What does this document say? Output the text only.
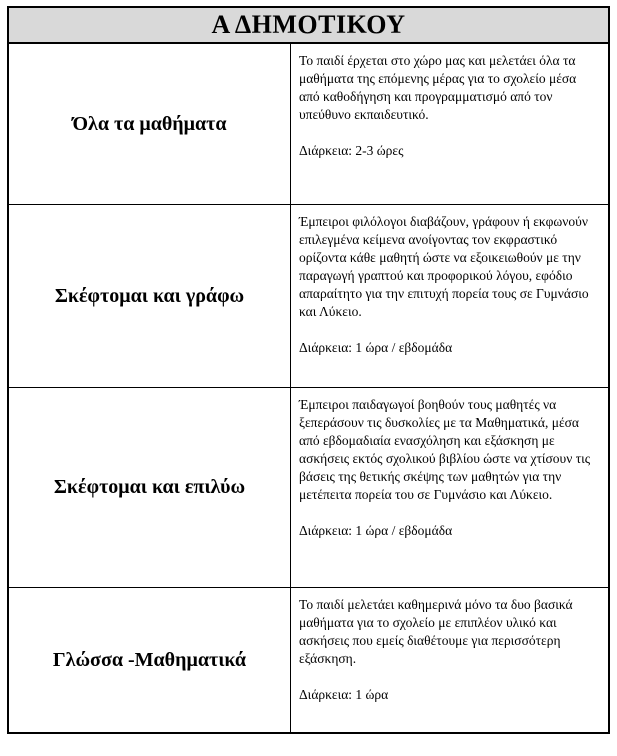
Α ΔΗΜΟΤΙΚΟΥ
Όλα τα μαθήματα

Το παιδί έρχεται στο χώρο μας και μελετάει όλα τα μαθήματα της επόμενης μέρας για το σχολείο μέσα από καθοδήγηση και προγραμματισμό από τον υπεύθυνο εκπαιδευτικό.

Διάρκεια: 2-3 ώρες

Σκέφτομαι και γράφω

Έμπειροι φιλόλογοι διαβάζουν, γράφουν ή εκφωνούν επιλεγμένα κείμενα ανοίγοντας τον εκφραστικό ορίζοντα κάθε μαθητή ώστε να εξοικειωθούν με την παραγωγή γραπτού και προφορικού λόγου, εφόδιο απαραίτητο για την επιτυχή πορεία τους σε Γυμνάσιο και Λύκειο.

Διάρκεια: 1 ώρα / εβδομάδα

Σκέφτομαι και επιλύω

Έμπειροι παιδαγωγοί βοηθούν τους μαθητές να ξεπεράσουν τις δυσκολίες με τα Μαθηματικά, μέσα από εβδομαδιαία ενασχόληση και εξάσκηση με ασκήσεις εκτός σχολικού βιβλίου ώστε να χτίσουν τις βάσεις της θετικής σκέψης των μαθητών για την μετέπειτα πορεία του σε Γυμνάσιο και Λύκειο.

Διάρκεια: 1 ώρα / εβδομάδα

Γλώσσα -Μαθηματικά

Το παιδί μελετάει καθημερινά μόνο τα δυο βασικά μαθήματα για το σχολείο με επιπλέον υλικό και ασκήσεις που εμείς διαθέτουμε για περισσότερη εξάσκηση.

Διάρκεια: 1 ώρα
